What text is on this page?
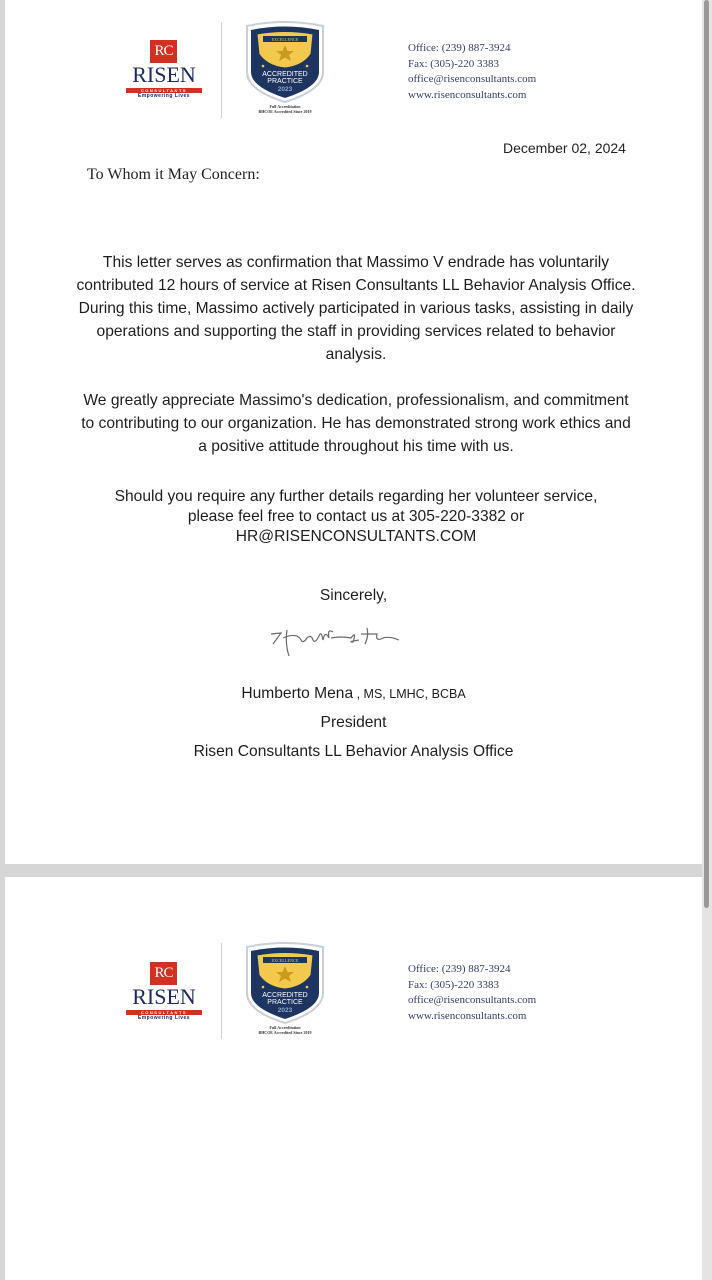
RC
RISEN
CONSULTANTS
Empowering Lives
EXCELLENCE
ACCREDITED
PRACTICE
2023
Full Accreditation
BHCOE Accredited Since 2019
Office: (239) 887-3924
Fax: (305)-220 3383
office@risenconsultants.com
www.risenconsultants.com
December 02, 2024
To Whom it May Concern:
This letter serves as confirmation that Massimo V endrade has voluntarily contributed 12 hours of service at Risen Consultants LL Behavior Analysis Office. During this time, Massimo actively participated in various tasks, assisting in daily operations and supporting the staff in providing services related to behavior analysis.
We greatly appreciate Massimo's dedication, professionalism, and commitment to contributing to our organization. He has demonstrated strong work ethics and a positive attitude throughout his time with us.
Should you require any further details regarding her volunteer service,
please feel free to contact us at 305-220-3382 or
HR@RISENCONSULTANTS.COM
Sincerely,
Humberto Mena , MS, LMHC, BCBA
President
Risen Consultants LL Behavior Analysis Office
RC
RISEN
CONSULTANTS
Empowering Lives
EXCELLENCE
ACCREDITED
PRACTICE
2023
Full Accreditation
BHCOE Accredited Since 2019
Office: (239) 887-3924
Fax: (305)-220 3383
office@risenconsultants.com
www.risenconsultants.com
